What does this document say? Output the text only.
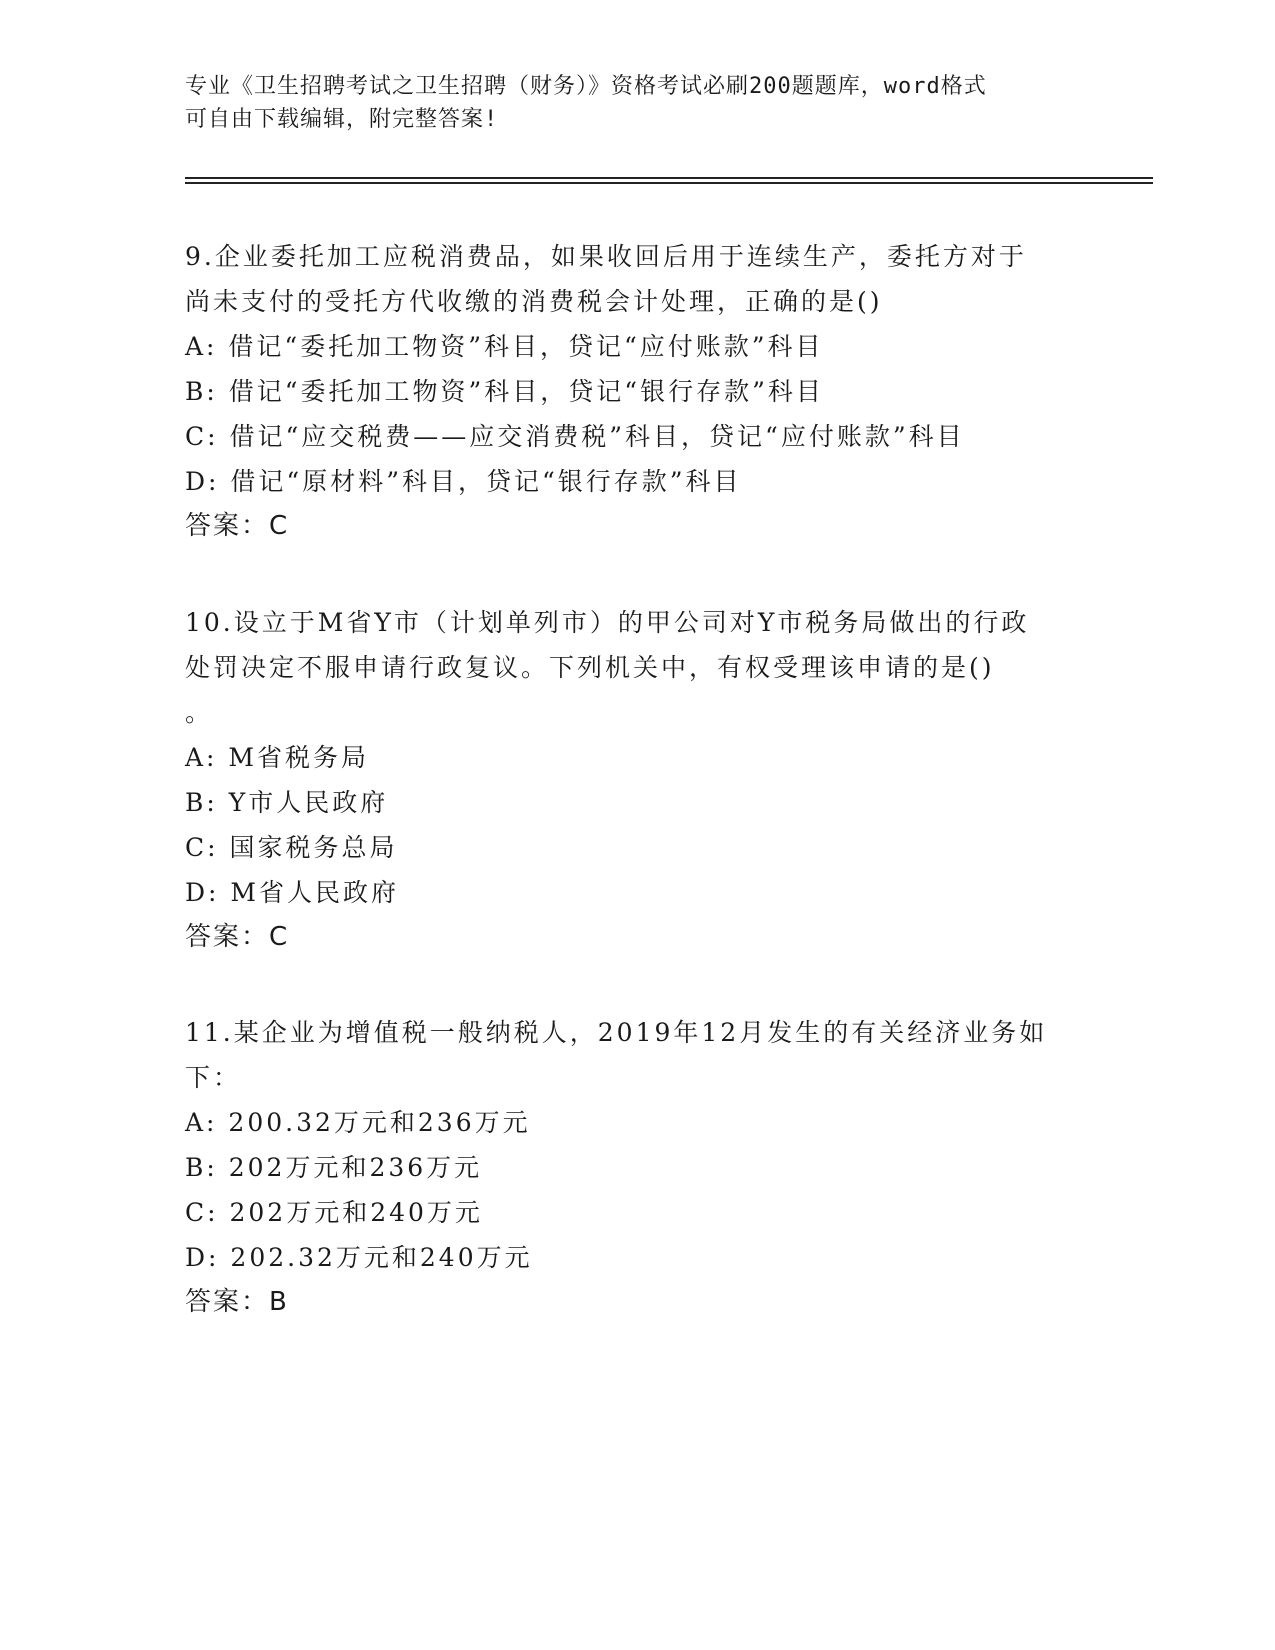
专业《卫生招聘考试之卫生招聘（财务）》资格考试必刷200题题库，word格式
可自由下载编辑，附完整答案!
9.企业委托加工应税消费品，如果收回后用于连续生产，委托方对于
尚未支付的受托方代收缴的消费税会计处理，正确的是()
A: 借记“委托加工物资”科目，贷记“应付账款”科目
B: 借记“委托加工物资”科目，贷记“银行存款”科目
C: 借记“应交税费——应交消费税”科目，贷记“应付账款”科目
D: 借记“原材料”科目，贷记“银行存款”科目
答案：C
10.设立于M省Y市（计划单列市）的甲公司对Y市税务局做出的行政
处罚决定不服申请行政复议。下列机关中，有权受理该申请的是()
。
A: M省税务局
B: Y市人民政府
C: 国家税务总局
D: M省人民政府
答案：C
11.某企业为增值税一般纳税人，2019年12月发生的有关经济业务如
下：
A: 200.32万元和236万元
B: 202万元和236万元
C: 202万元和240万元
D: 202.32万元和240万元
答案：B
